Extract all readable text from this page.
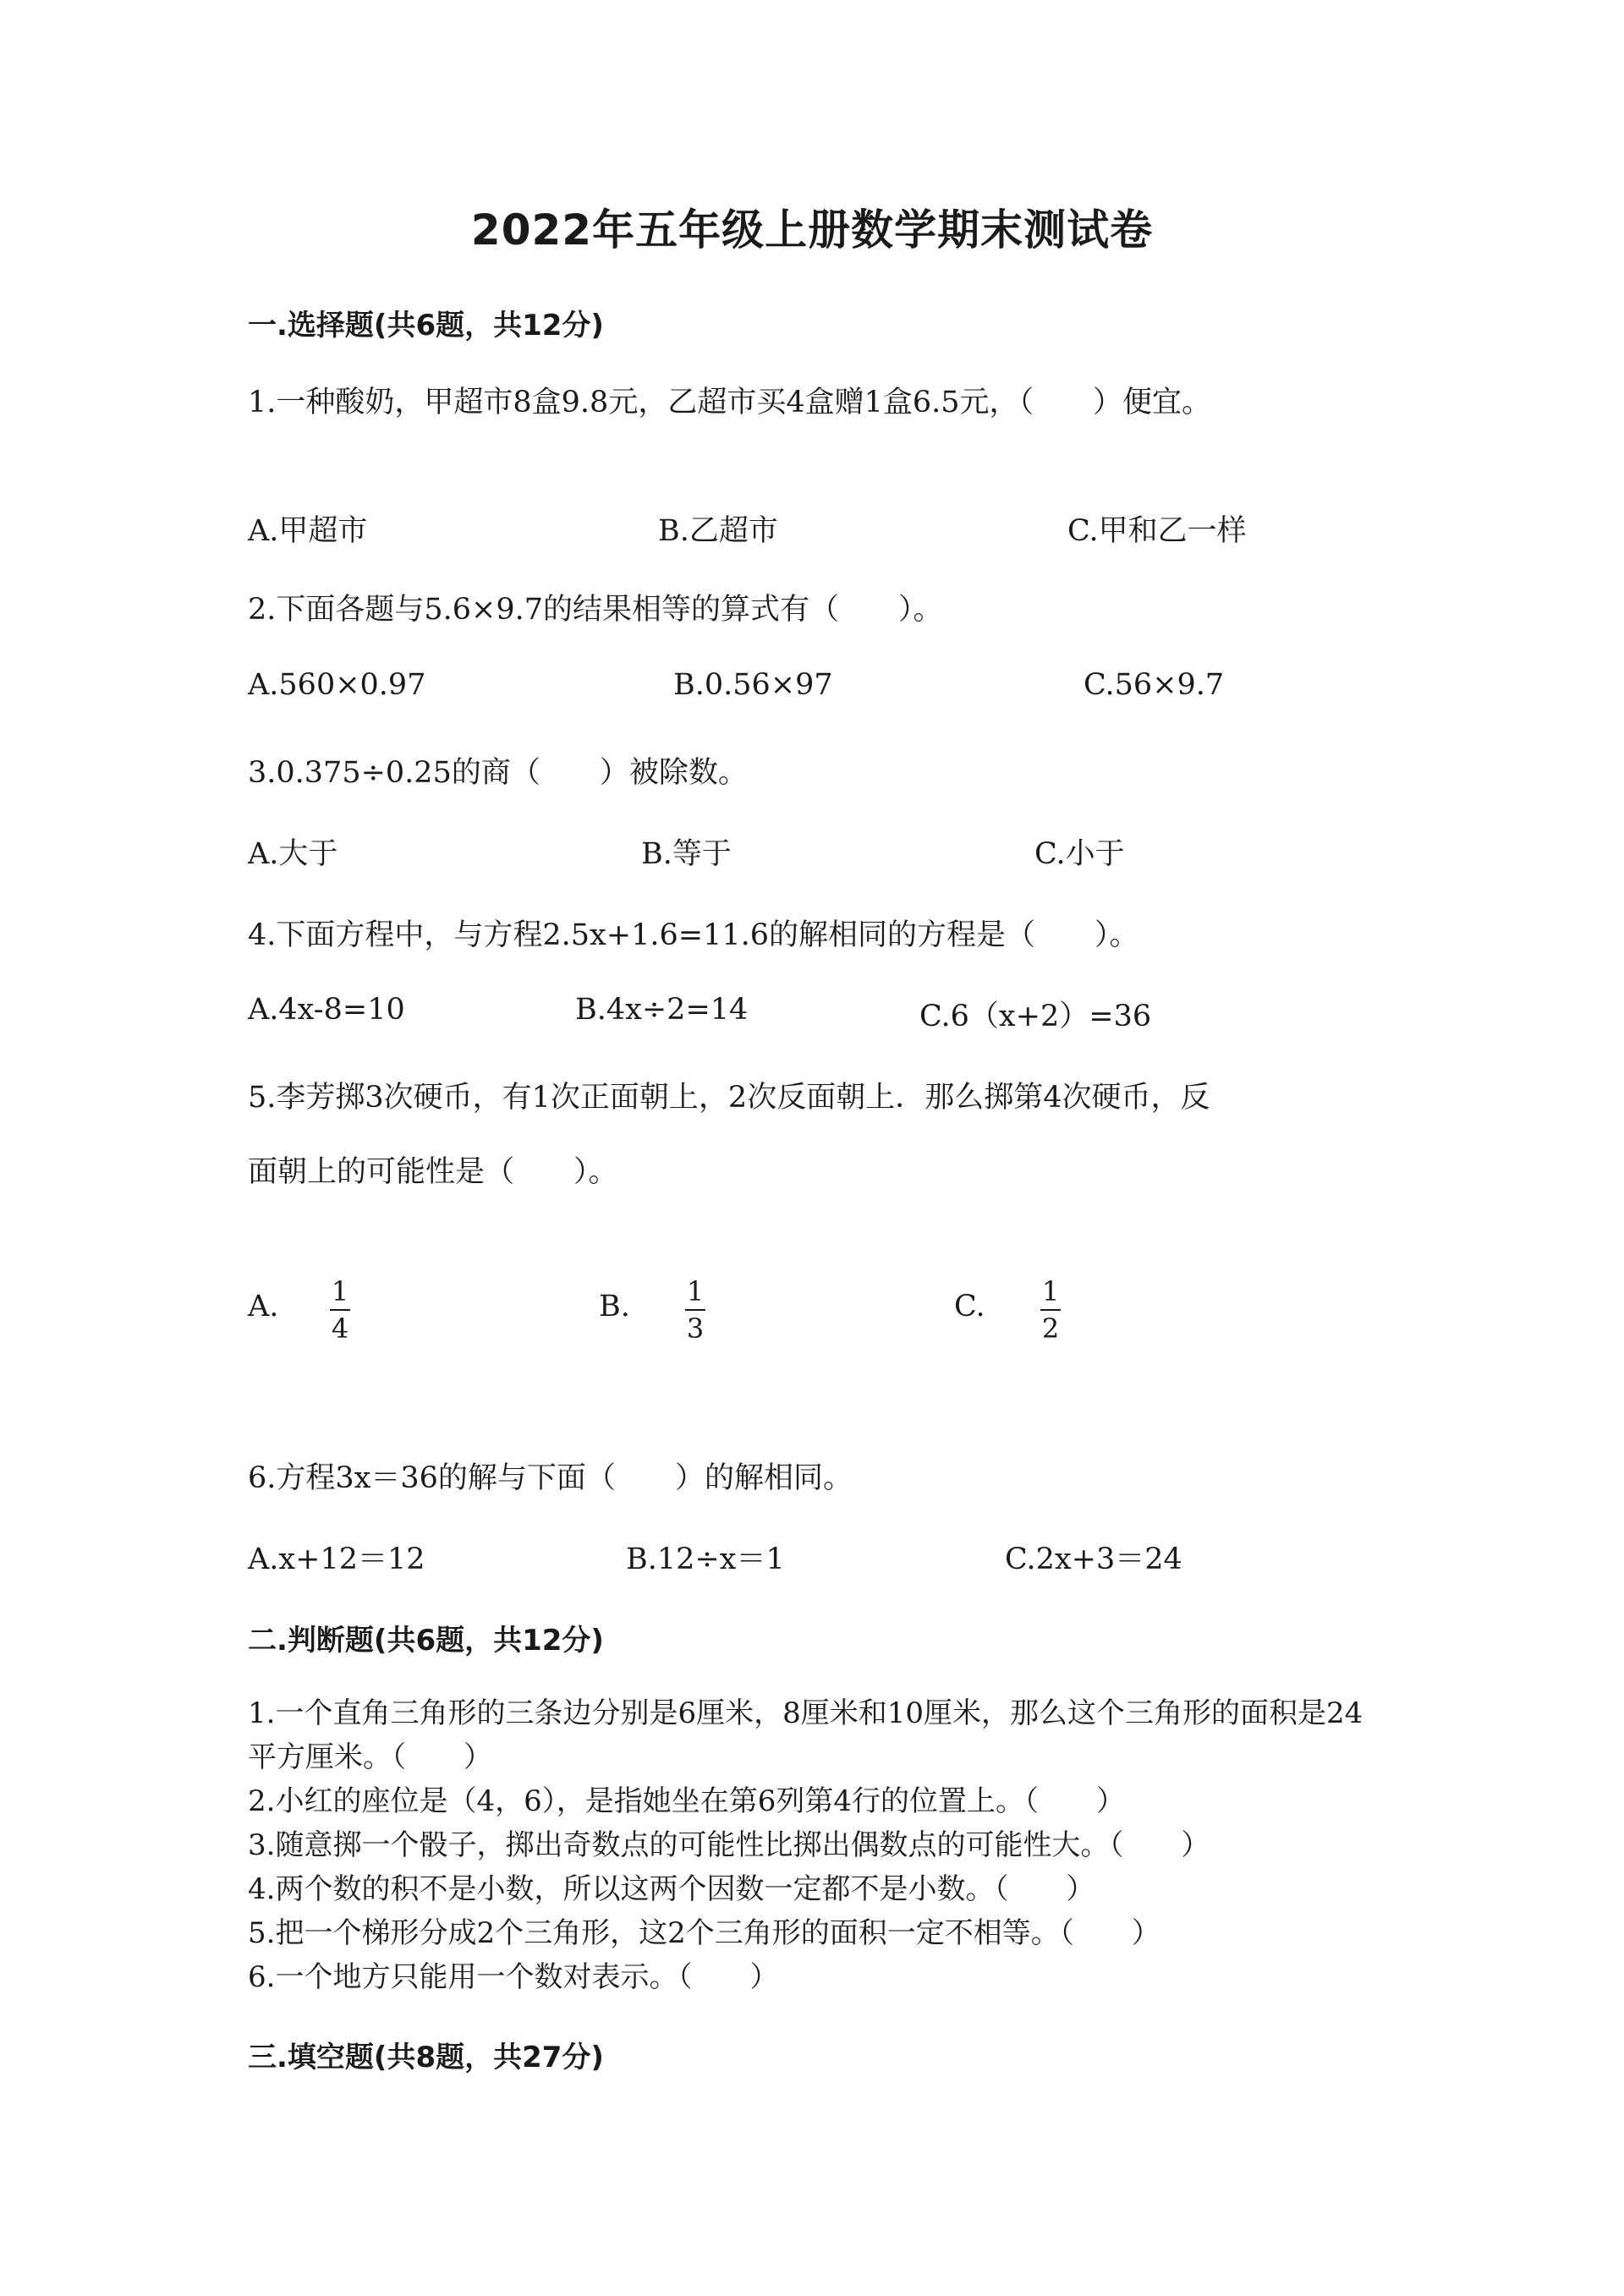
2022年五年级上册数学期末测试卷
一.选择题(共6题，共12分)
1.一种酸奶，甲超市8盒9.8元，乙超市买4盒赠1盒6.5元，（　　）便宜。
A.甲超市	B.乙超市	C.甲和乙一样
2.下面各题与5.6×9.7的结果相等的算式有（　　）。
A.560×0.97	B.0.56×97	C.56×9.7
3.0.375÷0.25的商（　　）被除数。
A.大于	B.等于	C.小于
4.下面方程中，与方程2.5x+1.6=11.6的解相同的方程是（　　）。
A.4x-8=10	B.4x÷2=14	C.6（x+2）=36
5.李芳掷3次硬币，有1次正面朝上，2次反面朝上．那么掷第4次硬币，反
面朝上的可能性是（　　）。
A. 1
4
B. 1
3
C. 1
2
6.方程3x＝36的解与下面（　　）的解相同。
A.x+12＝12	B.12÷x＝1	C.2x+3＝24
二.判断题(共6题，共12分)
1.一个直角三角形的三条边分别是6厘米，8厘米和10厘米，那么这个三角形的面积是24平方厘米。（　　）
2.小红的座位是（4，6），是指她坐在第6列第4行的位置上。（　　）
3.随意掷一个骰子，掷出奇数点的可能性比掷出偶数点的可能性大。（　　）
4.两个数的积不是小数，所以这两个因数一定都不是小数。（　　）
5.把一个梯形分成2个三角形，这2个三角形的面积一定不相等。（　　）
6.一个地方只能用一个数对表示。（　　）
三.填空题(共8题，共27分)
